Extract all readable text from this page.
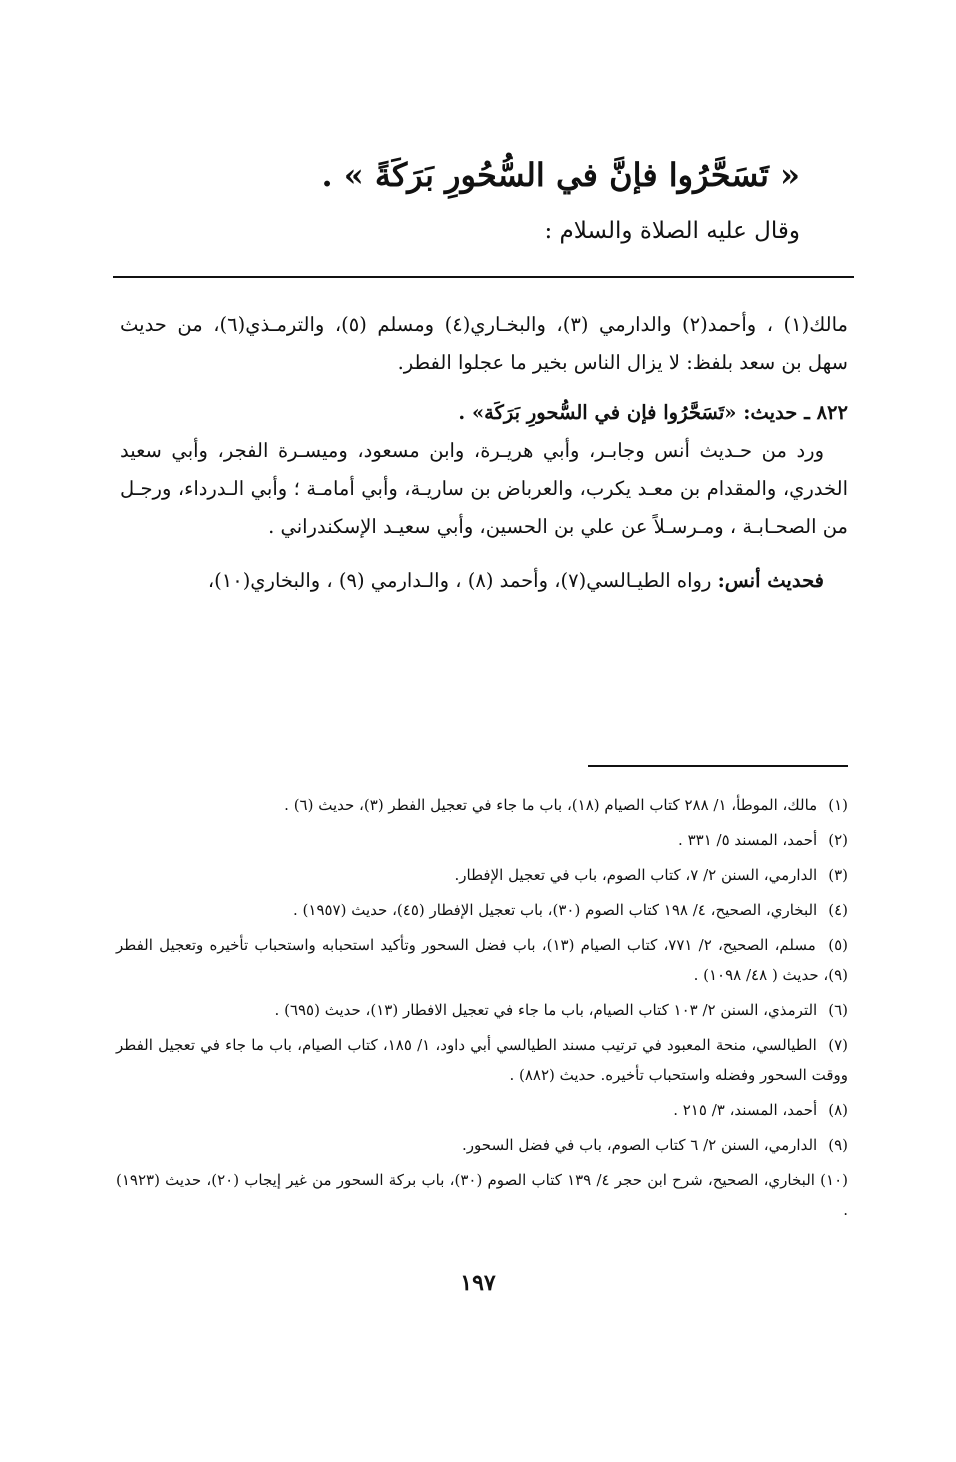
« تَسَحَّرُوا فإنَّ في السُّحُورِ بَرَكَةً » .
وقال عليه الصلاة والسلام :

مالك(١) ، وأحمد(٢) والدارمي (٣)، والبخـاري(٤) ومسلم (٥)، والترمـذي(٦)، من حديث سهل بن سعد بلفظ: لا يزال الناس بخير ما عجلوا الفطر.

٨٢٢ ـ حديث: «تَسَحَّرُوا فإن في السُّحورِ بَرَكَة» .

ورد من حـديث أنس وجابـر، وأبي هريـرة، وابن مسعود، وميسـرة الفجر، وأبي سعيد الخدري، والمقدام بن معـد يكرب، والعرباض بن ساريـة، وأبي أمامـة ؛ وأبي الـدرداء، ورجـل من الصحـابـة ، ومـرسـلاً عن علي بن الحسين، وأبي سعيـد الإسكندراني .

فحديث أنس: رواه الطيـالسي(٧)، وأحمد (٨) ، والـدارمي (٩) ، والبخاري(١٠)،

(١) مالك، الموطأ، ١/ ٢٨٨ كتاب الصيام (١٨)، باب ما جاء في تعجيل الفطر (٣)، حديث (٦) .

(٢) أحمد، المسند ٥/ ٣٣١ .

(٣) الدارمي، السنن ٢/ ٧، كتاب الصوم، باب في تعجيل الإفطار.

(٤) البخاري، الصحيح، ٤/ ١٩٨ كتاب الصوم (٣٠)، باب تعجيل الإفطار (٤٥)، حديث (١٩٥٧) .

(٥) مسلم، الصحيح، ٢/ ٧٧١، كتاب الصيام (١٣)، باب فضل السحور وتأكيد استحبابه واستحباب تأخيره وتعجيل الفطر (٩)، حديث ( ٤٨/ ١٠٩٨) .

(٦) الترمذي، السنن ٢/ ١٠٣ كتاب الصيام، باب ما جاء في تعجيل الافطار (١٣)، حديث (٦٩٥) .

(٧) الطيالسي، منحة المعبود في ترتيب مسند الطيالسي أبي داود، ١/ ١٨٥، كتاب الصيام، باب ما جاء في تعجيل الفطر ووقت السحور وفضله واستحباب تأخيره. حديث (٨٨٢) .

(٨) أحمد، المسند، ٣/ ٢١٥ .

(٩) الدارمي، السنن ٢/ ٦ كتاب الصوم، باب في فضل السحور.

(١٠) البخاري، الصحيح، شرح ابن حجر ٤/ ١٣٩ كتاب الصوم (٣٠)، باب بركة السحور من غير إيجاب (٢٠)، حديث (١٩٢٣) .

١٩٧
